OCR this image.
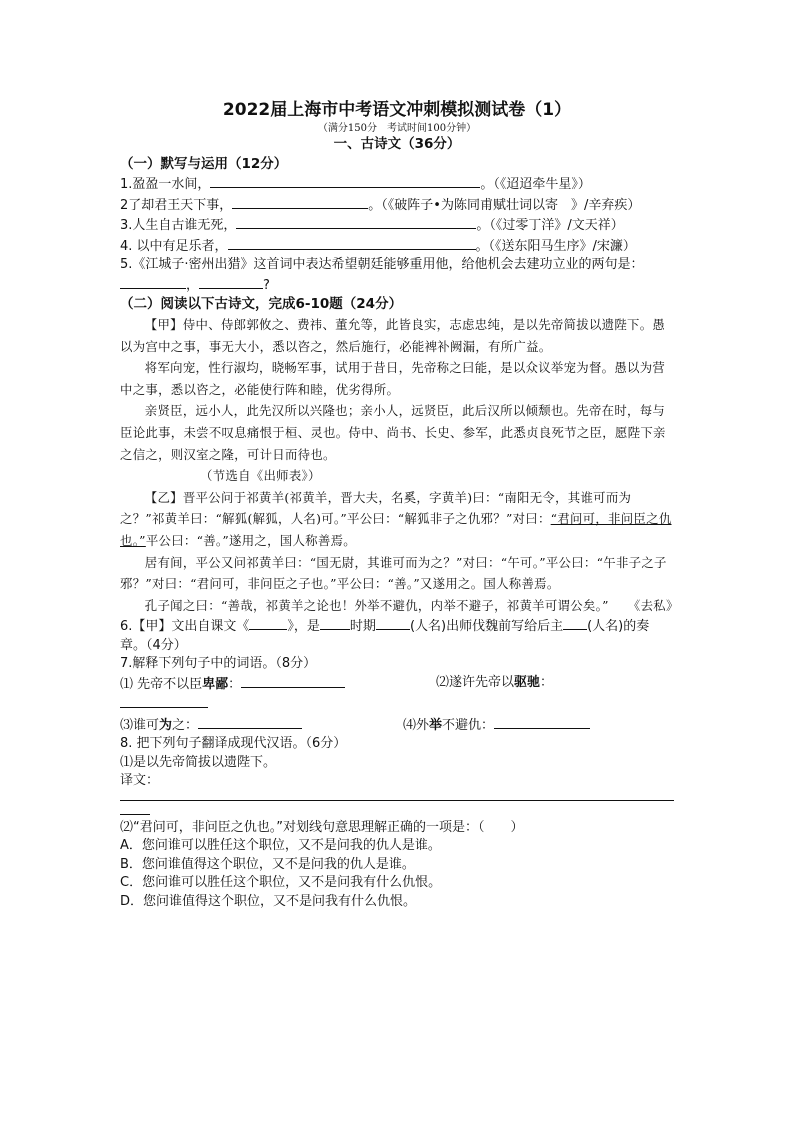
2022届上海市中考语文冲刺模拟测试卷（1）
（满分150分　考试时间100分钟）
一、古诗文（36分）
（一）默写与运用（12分）
1.盈盈一水间，	。（《迢迢牵牛星》）
2了却君王天下事，	。（《破阵子•为陈同甫赋壮词以寄　》/辛弃疾）
3.人生自古谁无死，	。（《过零丁洋》/文天祥）
4. 以中有足乐者，	。（《送东阳马生序》/宋濂）
5.《江城子·密州出猎》这首词中表达希望朝廷能够重用他，给他机会去建功立业的两句是：，	?
（二）阅读以下古诗文，完成6-10题（24分）

【甲】侍中、侍郎郭攸之、费祎、董允等，此皆良实，志虑忠纯，是以先帝简拔以遗陛下。愚以为宫中之事，事无大小，悉以咨之，然后施行，必能裨补阙漏，有所广益。

将军向宠，性行淑均，晓畅军事，试用于昔日，先帝称之曰能，是以众议举宠为督。愚以为营中之事，悉以咨之，必能使行阵和睦，优劣得所。

亲贤臣，远小人，此先汉所以兴隆也；亲小人，远贤臣，此后汉所以倾颓也。先帝在时，每与臣论此事，未尝不叹息痛恨于桓、灵也。侍中、尚书、长史、参军，此悉贞良死节之臣，愿陛下亲之信之，则汉室之隆，可计日而待也。

（节选自《出师表》）

【乙】晋平公问于祁黄羊(祁黄羊，晋大夫，名奚，字黄羊)曰：“南阳无令，其谁可而为之？”祁黄羊曰：“解狐(解狐，人名)可。”平公曰：“解狐非子之仇邪？”对曰：“君问可，非问臣之仇也。”平公曰：“善。”遂用之，国人称善焉。

居有间，平公又问祁黄羊曰：“国无尉，其谁可而为之？”对曰：“午可。”平公曰：“午非子之子邪？”对曰：“君问可，非问臣之子也。”平公曰：“善。”又遂用之。国人称善焉。

孔子闻之曰：“善哉，祁黄羊之论也！外举不避仇，内举不避子，祁黄羊可谓公矣。”　　《去私》

6.【甲】文出自课文《	》，是 时期	(人名)出师伐魏前写给后主 (人名)的奏章。（4分）
7.解释下列句子中的词语。（8分）
⑴ 先帝不以臣卑鄙：	⑵遂许先帝以驱驰：
⑶谁可为之：	⑷外举不避仇：
8. 把下列句子翻译成现代汉语。（6分）
⑴是以先帝简拔以遗陛下。
译文：
⑵“君问可，非问臣之仇也。”对划线句意思理解正确的一项是：（　　）
A．您问谁可以胜任这个职位，又不是问我的仇人是谁。
B．您问谁值得这个职位，又不是问我的仇人是谁。
C．您问谁可以胜任这个职位，又不是问我有什么仇恨。
D．您问谁值得这个职位，又不是问我有什么仇恨。
